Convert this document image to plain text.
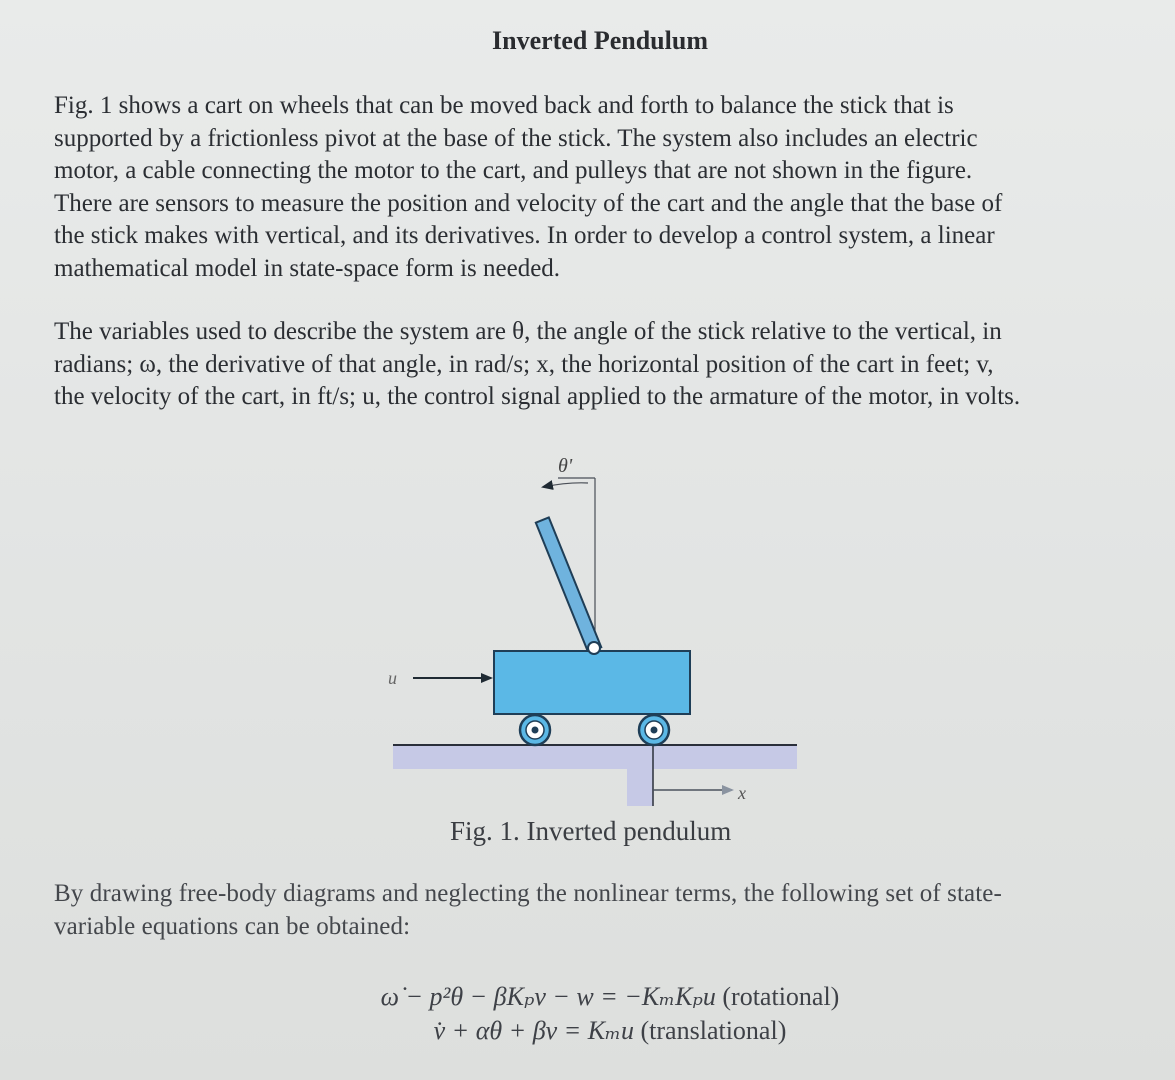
Inverted Pendulum
Fig. 1 shows a cart on wheels that can be moved back and forth to balance the stick that is
supported by a frictionless pivot at the base of the stick. The system also includes an electric
motor, a cable connecting the motor to the cart, and pulleys that are not shown in the figure.
There are sensors to measure the position and velocity of the cart and the angle that the base of
the stick makes with vertical, and its derivatives. In order to develop a control system, a linear
mathematical model in state-space form is needed.
The variables used to describe the system are θ, the angle of the stick relative to the vertical, in
radians; ω, the derivative of that angle, in rad/s; x, the horizontal position of the cart in feet; v,
the velocity of the cart, in ft/s; u, the control signal applied to the armature of the motor, in volts.
x
θ'
u
Fig. 1. Inverted pendulum
By drawing free-body diagrams and neglecting the nonlinear terms, the following set of state-
variable equations can be obtained:
ω̇ − p²θ − βKₚv − w = −KₘKₚu (rotational)
v̇ + αθ + βv = Kₘu (translational)
